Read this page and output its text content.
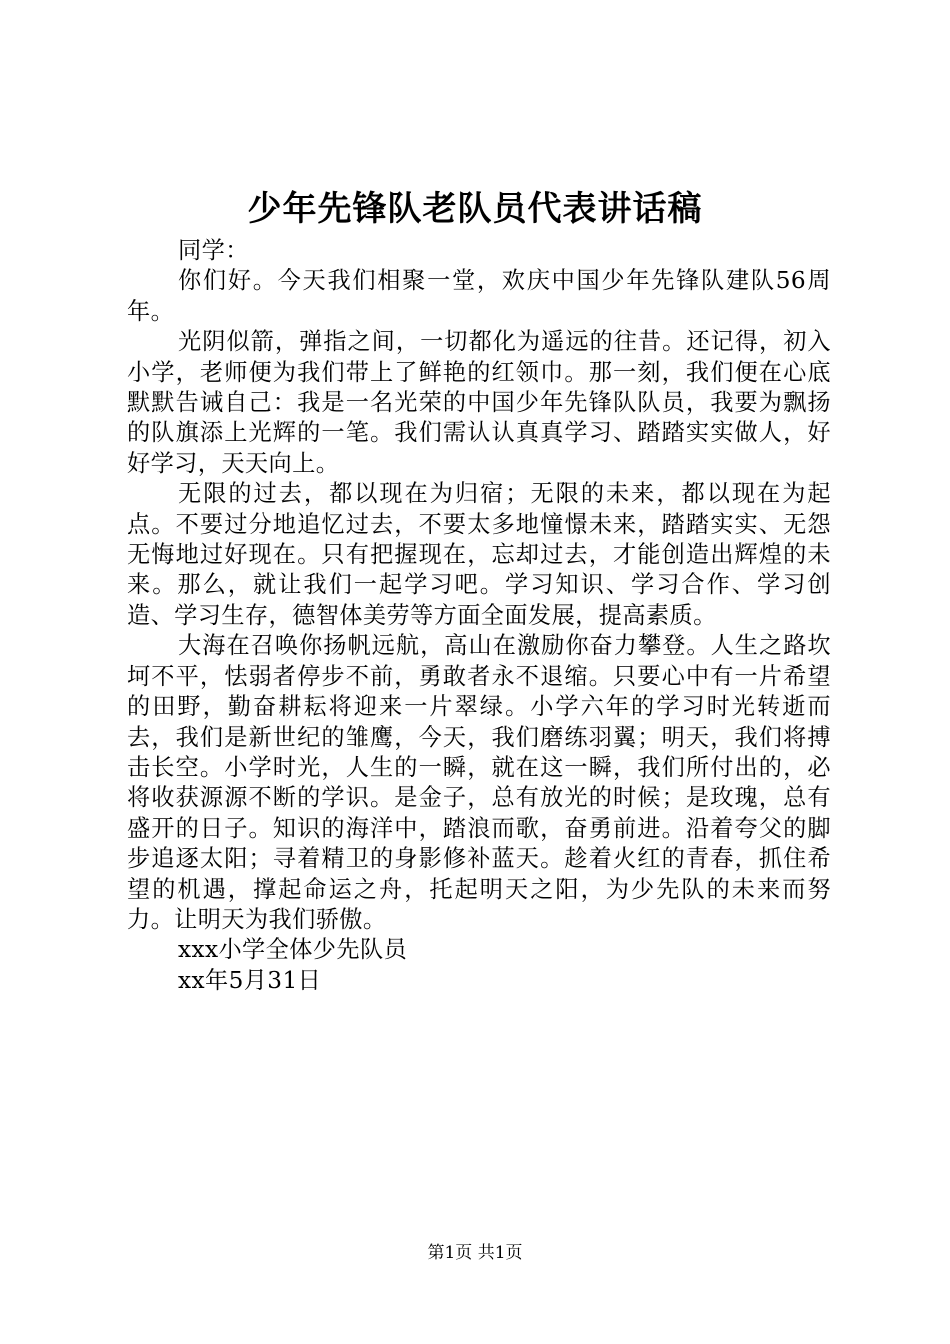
少年先锋队老队员代表讲话稿

同学：

你们好。今天我们相聚一堂，欢庆中国少年先锋队建队56周年。

光阴似箭，弹指之间，一切都化为遥远的往昔。还记得，初入小学，老师便为我们带上了鲜艳的红领巾。那一刻，我们便在心底默默告诫自己：我是一名光荣的中国少年先锋队队员，我要为飘扬的队旗添上光辉的一笔。我们需认认真真学习、踏踏实实做人，好好学习，天天向上。

无限的过去，都以现在为归宿；无限的未来，都以现在为起点。不要过分地追忆过去，不要太多地憧憬未来，踏踏实实、无怨无悔地过好现在。只有把握现在，忘却过去，才能创造出辉煌的未来。那么，就让我们一起学习吧。学习知识、学习合作、学习创造、学习生存，德智体美劳等方面全面发展，提高素质。

大海在召唤你扬帆远航，高山在激励你奋力攀登。人生之路坎坷不平，怯弱者停步不前，勇敢者永不退缩。只要心中有一片希望的田野，勤奋耕耘将迎来一片翠绿。小学六年的学习时光转逝而去，我们是新世纪的雏鹰，今天，我们磨练羽翼；明天，我们将搏击长空。小学时光，人生的一瞬，就在这一瞬，我们所付出的，必将收获源源不断的学识。是金子，总有放光的时候；是玫瑰，总有盛开的日子。知识的海洋中，踏浪而歌，奋勇前进。沿着夸父的脚步追逐太阳；寻着精卫的身影修补蓝天。趁着火红的青春，抓住希望的机遇，撑起命运之舟，托起明天之阳，为少先队的未来而努力。让明天为我们骄傲。

xxx小学全体少先队员

xx年5月31日

第1页 共1页
